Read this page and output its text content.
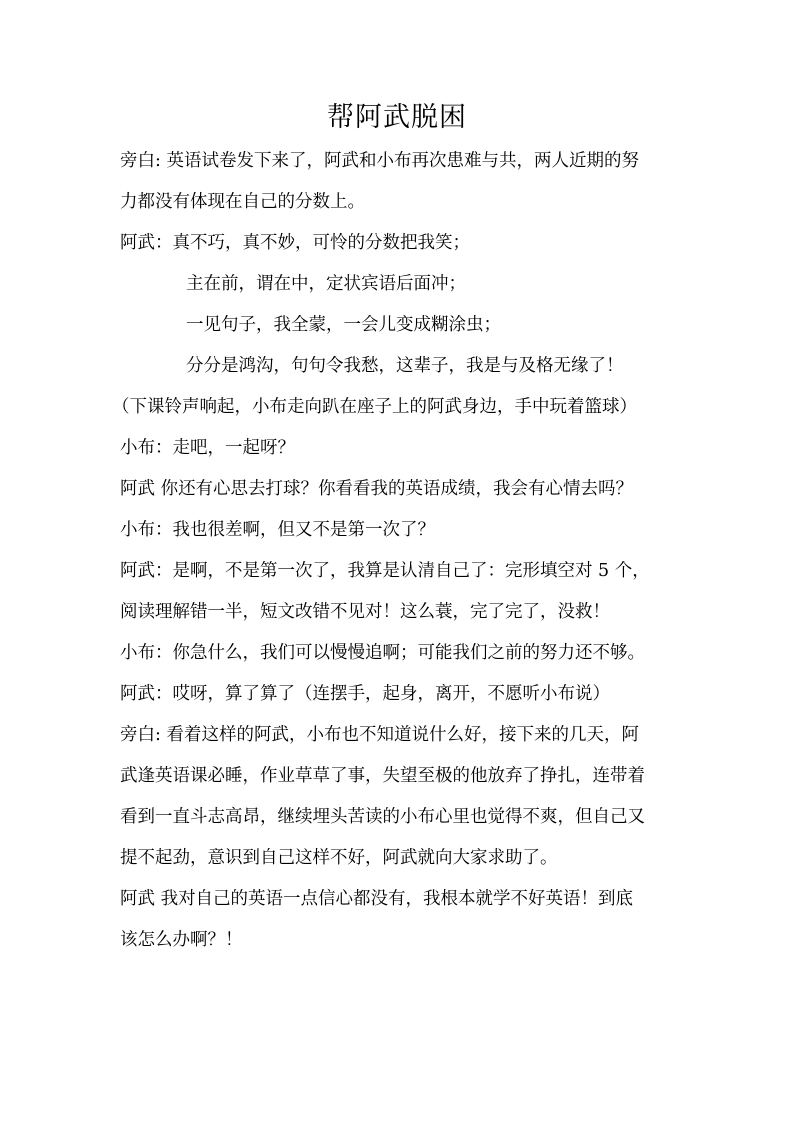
帮阿武脱困

旁白: 英语试卷发下来了，阿武和小布再次患难与共，两人近期的努

力都没有体现在自己的分数上。

阿武：真不巧，真不妙，可怜的分数把我笑；

主在前，谓在中，定状宾语后面冲；

一见句子，我全蒙，一会儿变成糊涂虫；

分分是鸿沟，句句令我愁，这辈子，我是与及格无缘了！

（下课铃声响起，小布走向趴在座子上的阿武身边，手中玩着篮球）

小布：走吧，一起呀？

阿武 你还有心思去打球？你看看我的英语成绩，我会有心情去吗？

小布：我也很差啊，但又不是第一次了？

阿武：是啊，不是第一次了，我算是认清自己了：完形填空对 5 个，

阅读理解错一半，短文改错不见对！这么蓑，完了完了，没救！

小布：你急什么，我们可以慢慢追啊；可能我们之前的努力还不够。

阿武：哎呀，算了算了（连摆手，起身，离开，不愿听小布说）

旁白: 看着这样的阿武，小布也不知道说什么好，接下来的几天，阿

武逢英语课必睡，作业草草了事，失望至极的他放弃了挣扎，连带着

看到一直斗志高昂，继续埋头苦读的小布心里也觉得不爽，但自己又

提不起劲，意识到自己这样不好，阿武就向大家求助了。

阿武 我对自己的英语一点信心都没有，我根本就学不好英语！到底

该怎么办啊？！
